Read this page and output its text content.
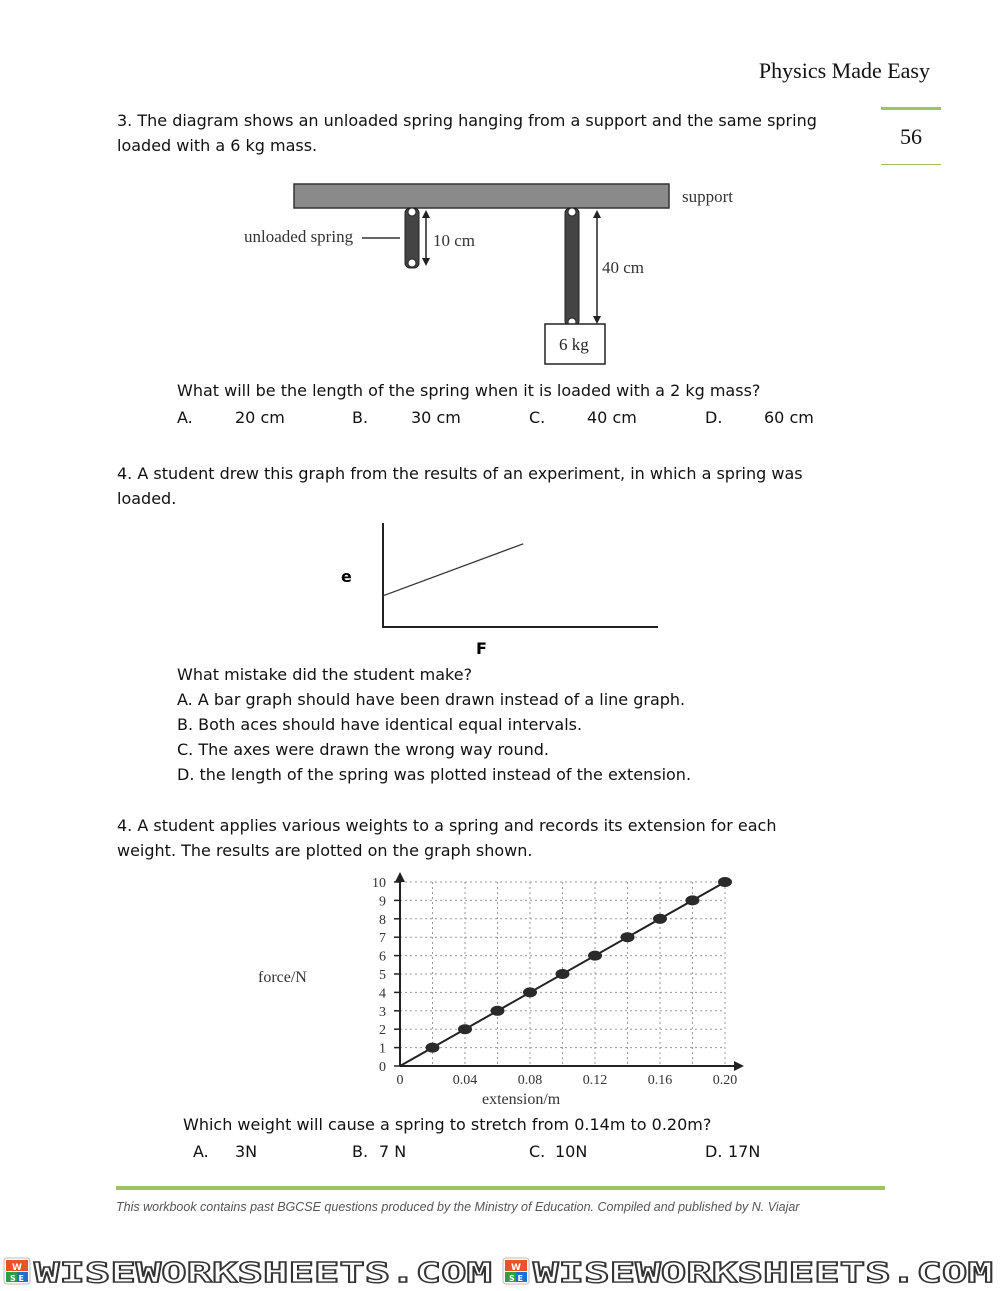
Physics Made Easy
56
3. The diagram shows an unloaded spring hanging from a support and the same spring
loaded with a 6 kg mass.
support
unloaded spring	10 cm
40 cm
6 kg
What will be the length of the spring when it is loaded with a 2 kg mass?
A.	20 cm	B.	30 cm	C.	40 cm	D.	60 cm
4. A student drew this graph from the results of an experiment, in which a spring was
loaded.
e
F
What mistake did the student make?
A. A bar graph should have been drawn instead of a line graph.
B. Both aces should have identical equal intervals.
C. The axes were drawn the wrong way round.
D. the length of the spring was plotted instead of the extension.
4. A student applies various weights to a spring and records its extension for each
weight. The results are plotted on the graph shown.
0
1
2
3
4
5
6
7
8
9
10
0	0.04	0.08	0.12	0.16	0.20
force/N
extension/m
Which weight will cause a spring to stretch from 0.14m to 0.20m?
A. 3N	B. 7 N	C. 10N	D. 17N
This workbook contains past BGCSE questions produced by the Ministry of Education. Compiled and published by N. Viajar
W
S E WISEWORKSHEETS.COM W
S E WISEWORKSHEETS.COM
